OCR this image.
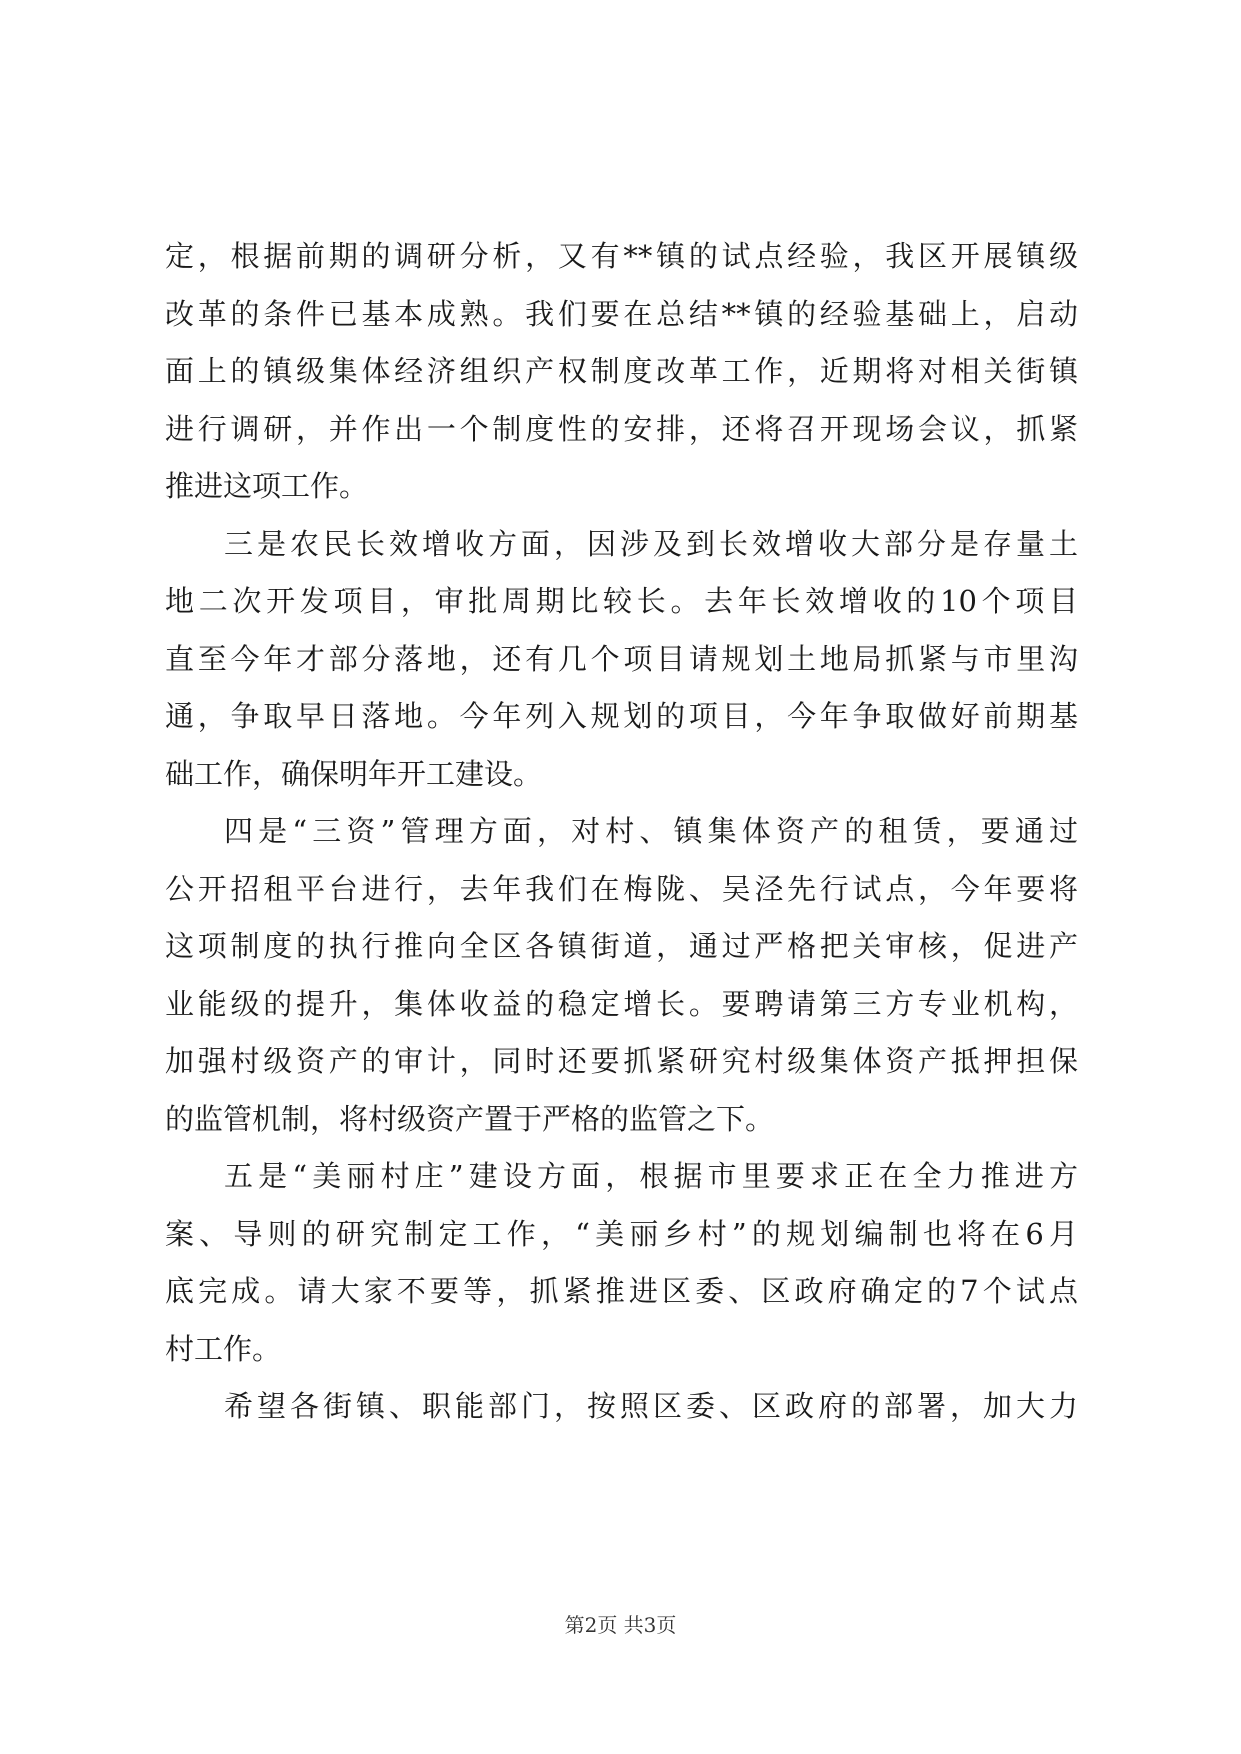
定，根据前期的调研分析，又有**镇的试点经验，我区开展镇级
改革的条件已基本成熟。我们要在总结**镇的经验基础上，启动
面上的镇级集体经济组织产权制度改革工作，近期将对相关街镇
进行调研，并作出一个制度性的安排，还将召开现场会议，抓紧
推进这项工作。
三是农民长效增收方面，因涉及到长效增收大部分是存量土
地二次开发项目，审批周期比较长。去年长效增收的10个项目
直至今年才部分落地，还有几个项目请规划土地局抓紧与市里沟
通，争取早日落地。今年列入规划的项目，今年争取做好前期基
础工作，确保明年开工建设。
四是“三资”管理方面，对村、镇集体资产的租赁，要通过
公开招租平台进行，去年我们在梅陇、吴泾先行试点，今年要将
这项制度的执行推向全区各镇街道，通过严格把关审核，促进产
业能级的提升，集体收益的稳定增长。要聘请第三方专业机构，
加强村级资产的审计，同时还要抓紧研究村级集体资产抵押担保
的监管机制，将村级资产置于严格的监管之下。
五是“美丽村庄”建设方面，根据市里要求正在全力推进方
案、导则的研究制定工作，“美丽乡村”的规划编制也将在6月
底完成。请大家不要等，抓紧推进区委、区政府确定的7个试点
村工作。
希望各街镇、职能部门，按照区委、区政府的部署，加大力
第2页 共3页
